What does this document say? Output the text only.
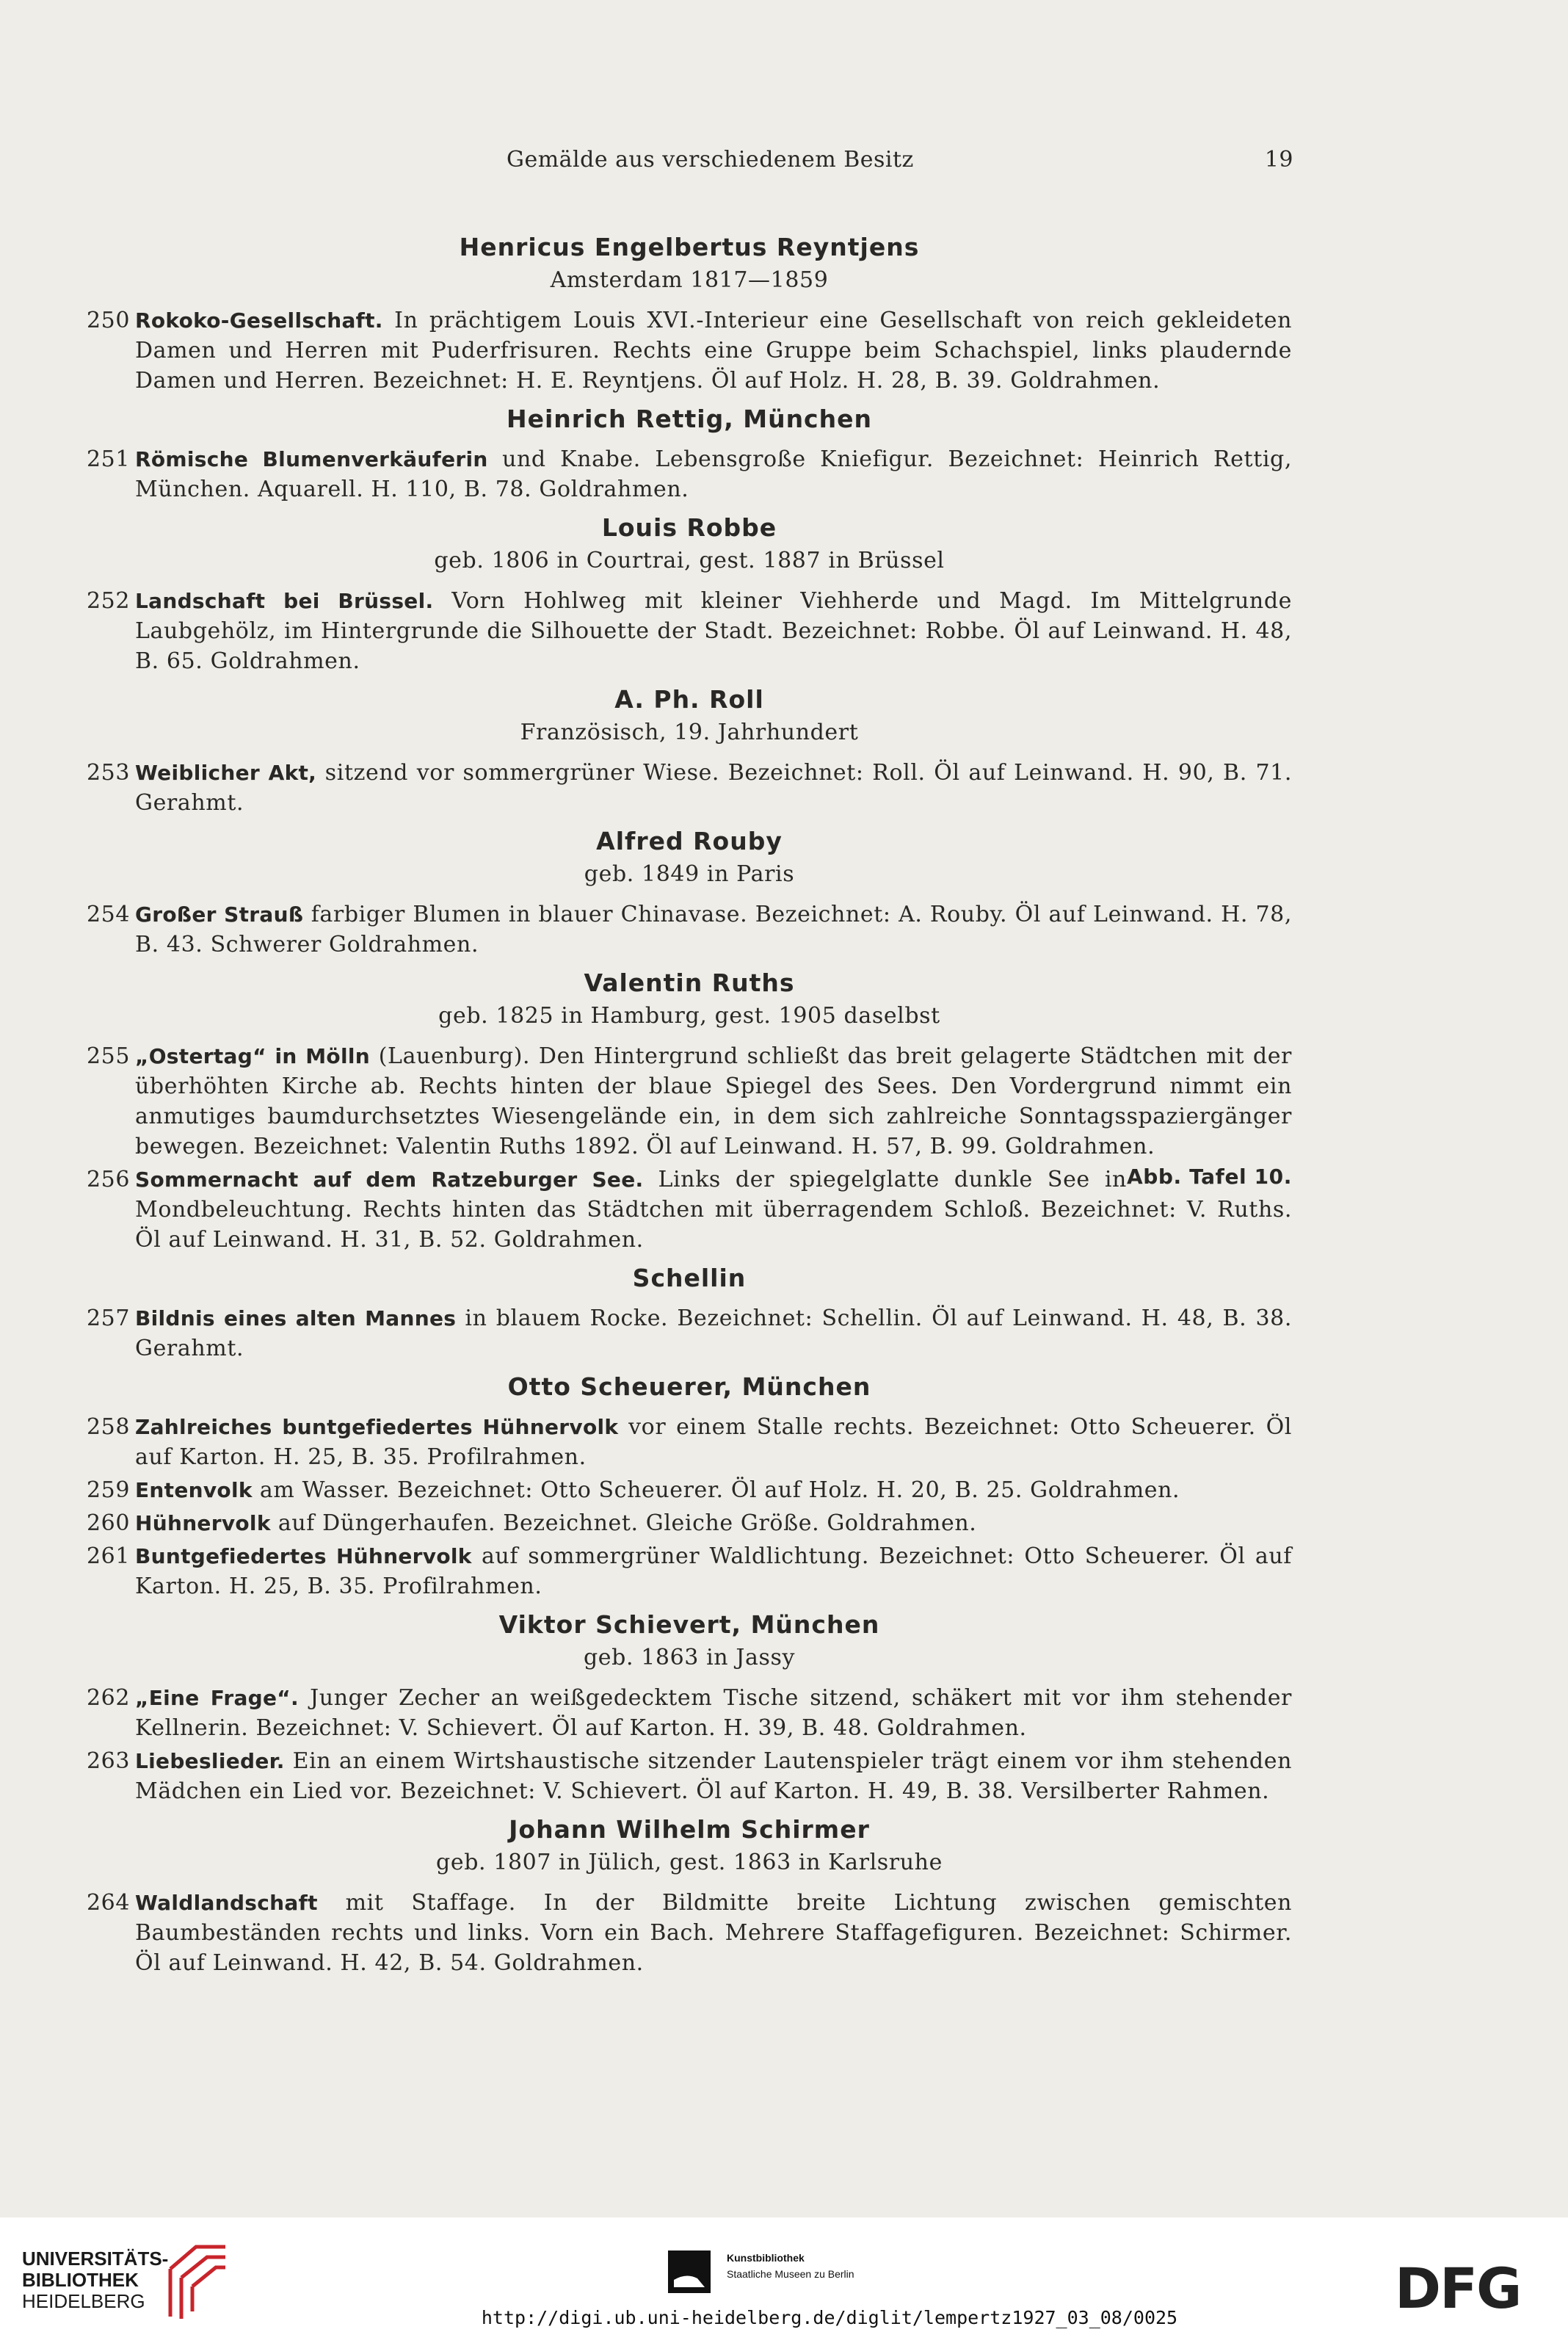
Gemälde aus verschiedenem Besitz	19
Henricus Engelbertus Reyntjens
Amsterdam 1817—1859
250 Rokoko-Gesellschaft. In prächtigem Louis XVI.-Interieur eine Gesellschaft von reich gekleideten Damen und Herren mit Puderfrisuren. Rechts eine Gruppe beim Schachspiel, links plaudernde Damen und Herren. Bezeichnet: H. E. Reyntjens. Öl auf Holz. H. 28, B. 39. Goldrahmen.
Heinrich Rettig, München
251 Römische Blumenverkäuferin und Knabe. Lebensgroße Kniefigur. Bezeichnet: Heinrich Rettig, München. Aquarell. H. 110, B. 78. Goldrahmen.
Louis Robbe
geb. 1806 in Courtrai, gest. 1887 in Brüssel
252 Landschaft bei Brüssel. Vorn Hohlweg mit kleiner Viehherde und Magd. Im Mittelgrunde Laubgehölz, im Hintergrunde die Silhouette der Stadt. Bezeichnet: Robbe. Öl auf Leinwand. H. 48, B. 65. Goldrahmen.
A. Ph. Roll
Französisch, 19. Jahrhundert
253 Weiblicher Akt, sitzend vor sommergrüner Wiese. Bezeichnet: Roll. Öl auf Leinwand. H. 90, B. 71. Gerahmt.
Alfred Rouby
geb. 1849 in Paris
254 Großer Strauß farbiger Blumen in blauer Chinavase. Bezeichnet: A. Rouby. Öl auf Leinwand. H. 78, B. 43. Schwerer Goldrahmen.
Valentin Ruths
geb. 1825 in Hamburg, gest. 1905 daselbst
255 „Ostertag“ in Mölln (Lauenburg). Den Hintergrund schließt das breit gelagerte Städtchen mit der überhöhten Kirche ab. Rechts hinten der blaue Spiegel des Sees. Den Vordergrund nimmt ein anmutiges baumdurchsetztes Wiesengelände ein, in dem sich zahlreiche Sonntagsspaziergänger bewegen. Bezeichnet: Valentin Ruths 1892. Öl auf Leinwand. H. 57, B. 99. Goldrahmen.
Abb. Tafel 10.
256 Sommernacht auf dem Ratzeburger See. Links der spiegelglatte dunkle See in Mondbeleuchtung. Rechts hinten das Städtchen mit überragendem Schloß. Bezeichnet: V. Ruths. Öl auf Leinwand. H. 31, B. 52. Goldrahmen.
Schellin
257 Bildnis eines alten Mannes in blauem Rocke. Bezeichnet: Schellin. Öl auf Leinwand. H. 48, B. 38. Gerahmt.
Otto Scheuerer, München
258 Zahlreiches buntgefiedertes Hühnervolk vor einem Stalle rechts. Bezeichnet: Otto Scheuerer. Öl auf Karton. H. 25, B. 35. Profilrahmen.
259 Entenvolk am Wasser. Bezeichnet: Otto Scheuerer. Öl auf Holz. H. 20, B. 25. Goldrahmen.
260 Hühnervolk auf Düngerhaufen. Bezeichnet. Gleiche Größe. Goldrahmen.
261 Buntgefiedertes Hühnervolk auf sommergrüner Waldlichtung. Bezeichnet: Otto Scheuerer. Öl auf Karton. H. 25, B. 35. Profilrahmen.
Viktor Schievert, München
geb. 1863 in Jassy
262 „Eine Frage“. Junger Zecher an weißgedecktem Tische sitzend, schäkert mit vor ihm stehender Kellnerin. Bezeichnet: V. Schievert. Öl auf Karton. H. 39, B. 48. Goldrahmen.
263 Liebeslieder. Ein an einem Wirtshaustische sitzender Lautenspieler trägt einem vor ihm stehenden Mädchen ein Lied vor. Bezeichnet: V. Schievert. Öl auf Karton. H. 49, B. 38. Versilberter Rahmen.
Johann Wilhelm Schirmer
geb. 1807 in Jülich, gest. 1863 in Karlsruhe
264 Waldlandschaft mit Staffage. In der Bildmitte breite Lichtung zwischen gemischten Baumbeständen rechts und links. Vorn ein Bach. Mehrere Staffagefiguren. Bezeichnet: Schirmer. Öl auf Leinwand. H. 42, B. 54. Goldrahmen.
UNIVERSITÄTS-
BIBLIOTHEK
HEIDELBERG
Kunstbibliothek
Staatliche Museen zu Berlin	DFG
http://digi.ub.uni-heidelberg.de/diglit/lempertz1927_03_08/0025
